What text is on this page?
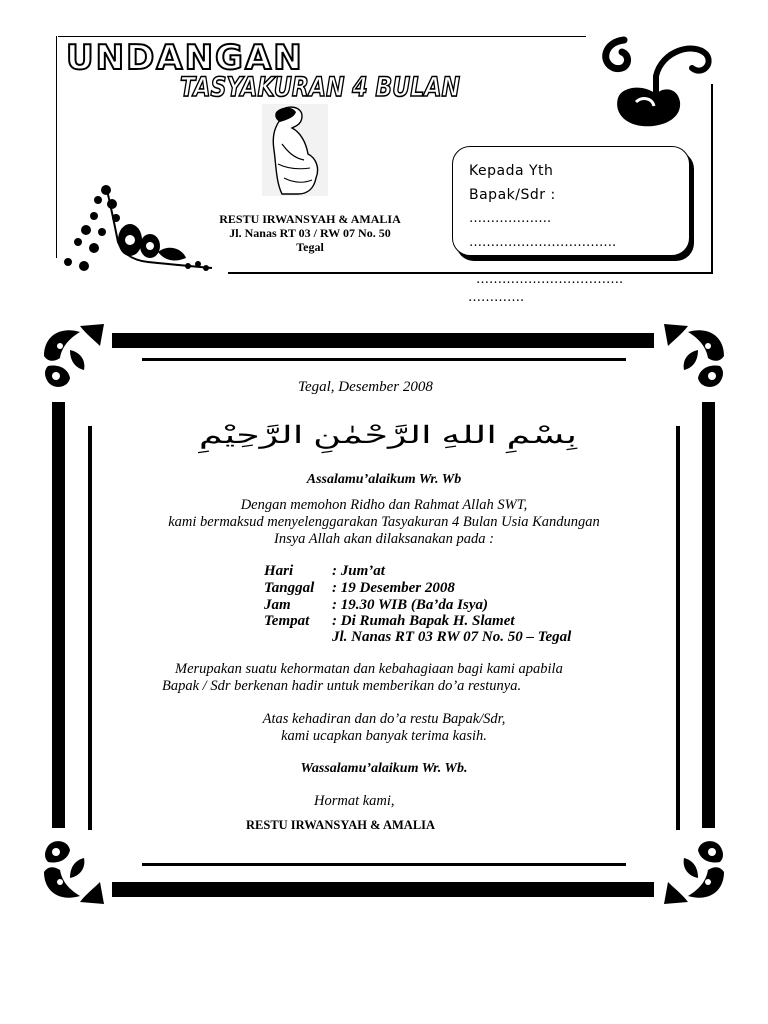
UNDANGAN
TASYAKURAN 4 BULAN
RESTU IRWANSYAH & AMALIA
Jl. Nanas RT 03 / RW 07 No. 50
Tegal
Kepada Yth
Bapak/Sdr :
……………….
…………………………….
…………………………….
………….
Tegal, Desember 2008
بِسْمِ اللهِ الرَّحْمٰنِ الرَّحِيْمِ
Assalamu’alaikum Wr. Wb
Dengan memohon Ridho dan Rahmat Allah SWT,
kami bermaksud menyelenggarakan Tasyakuran 4 Bulan Usia Kandungan
Insya Allah akan dilaksanakan pada :
Hari	: Jum’at
Tanggal : 19 Desember 2008
Jam	: 19.30 WIB (Ba’da Isya)
Tempat : Di Rumah Bapak H. Slamet
Jl. Nanas RT 03 RW 07 No. 50 – Tegal
Merupakan suatu kehormatan dan kebahagiaan bagi kami apabila
Bapak / Sdr berkenan hadir untuk memberikan do’a restunya.
Atas kehadiran dan do’a restu Bapak/Sdr,
kami ucapkan banyak terima kasih.
Wassalamu’alaikum Wr. Wb.
Hormat kami,
RESTU IRWANSYAH & AMALIA
